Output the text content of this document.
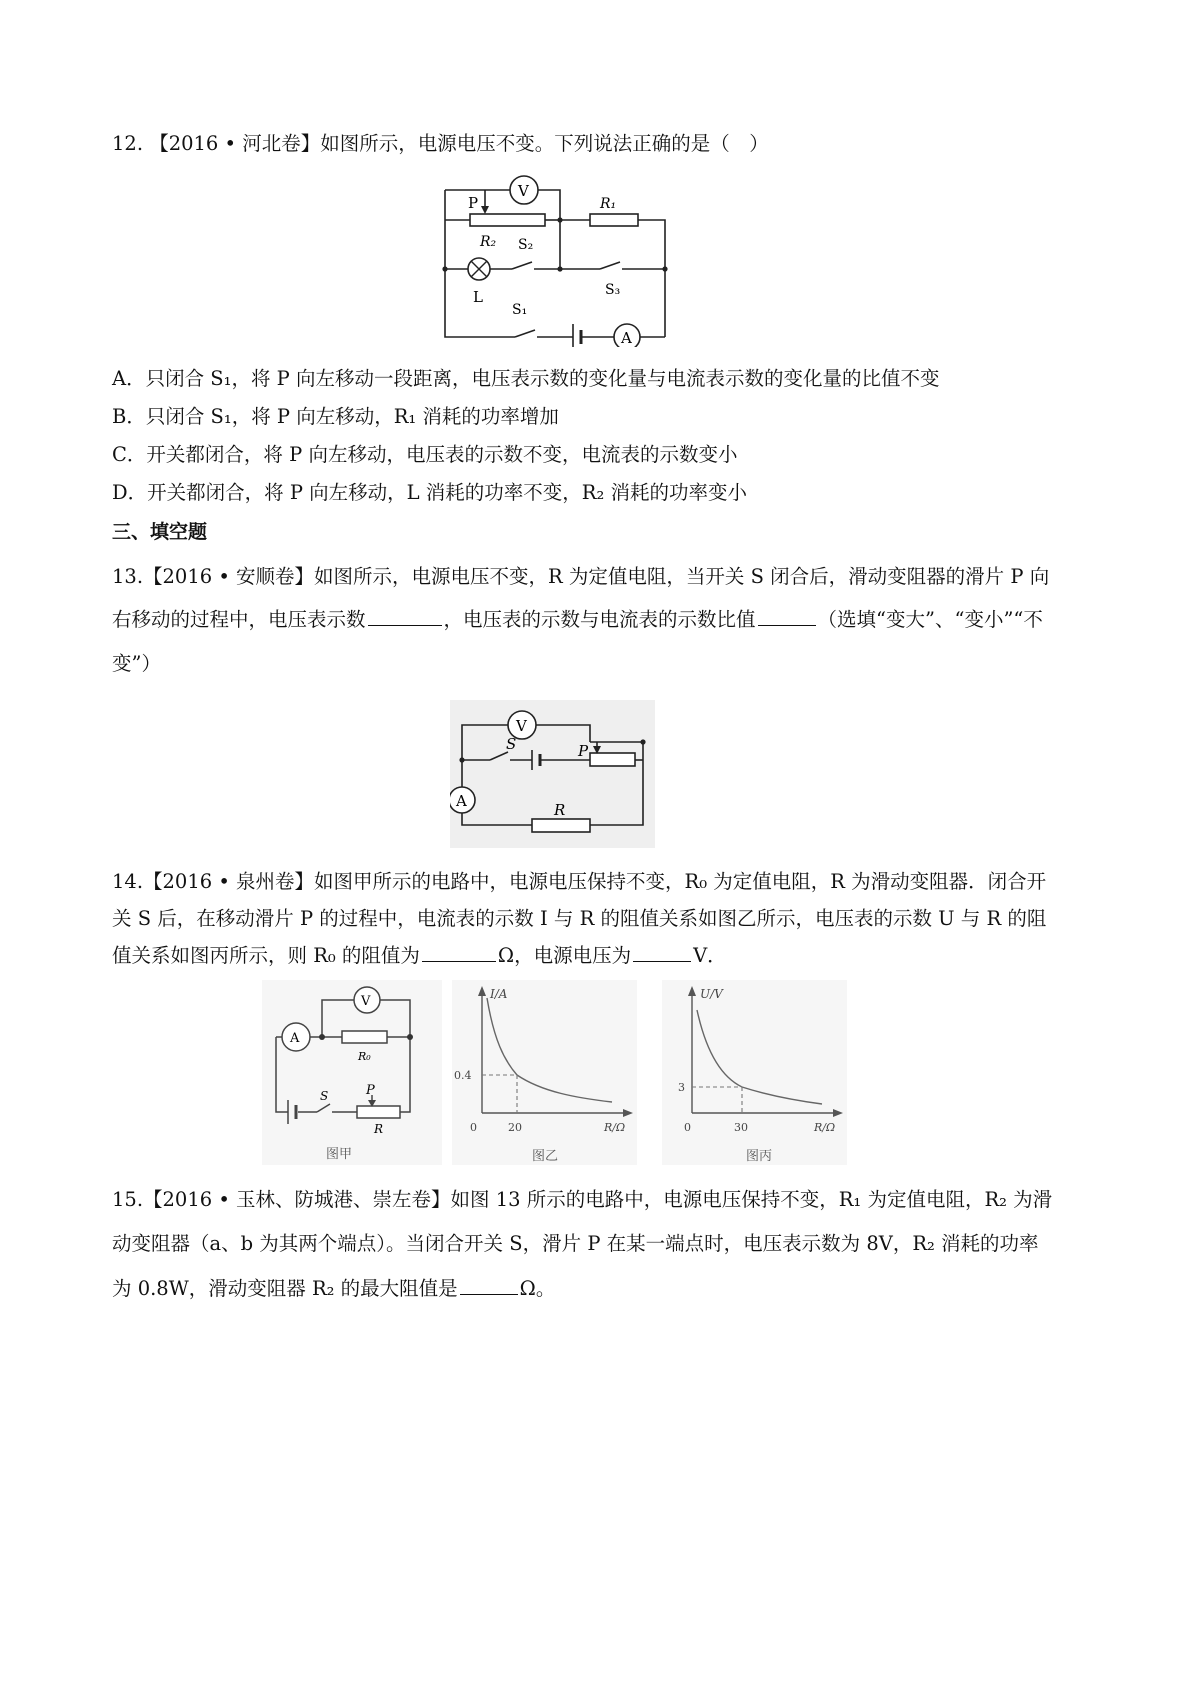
12. 【2016 • 河北卷】如图所示，电源电压不变。下列说法正确的是（　）
V
P	R₁
R₂ S₂
S₃
L
S₁
A
A．只闭合 S₁，将 P 向左移动一段距离，电压表示数的变化量与电流表示数的变化量的比值不变
B．只闭合 S₁，将 P 向左移动，R₁ 消耗的功率增加
C．开关都闭合，将 P 向左移动，电压表的示数不变，电流表的示数变小
D．开关都闭合，将 P 向左移动，L 消耗的功率不变，R₂ 消耗的功率变小
三、填空题
13.【2016 • 安顺卷】如图所示，电源电压不变，R 为定值电阻，当开关 S 闭合后，滑动变阻器的滑片 P 向
右移动的过程中，电压表示数	，电压表的示数与电流表的示数比值	（选填“变大”、“变小”“不
变”）
V
S	P
A	R
14.【2016 • 泉州卷】如图甲所示的电路中，电源电压保持不变，R₀ 为定值电阻，R 为滑动变阻器．闭合开
关 S 后，在移动滑片 P 的过程中，电流表的示数 I 与 R 的阻值关系如图乙所示，电压表的示数 U 与 R 的阻
值关系如图丙所示，则 R₀ 的阻值为	Ω，电源电压为	V．
V
A
R₀
P
S
R
图甲
I/A
0.4
0	20	R/Ω
图乙
U/V
3
0	30	R/Ω
图丙
15.【2016 • 玉林、防城港、崇左卷】如图 13 所示的电路中，电源电压保持不变，R₁ 为定值电阻，R₂ 为滑
动变阻器（a、b 为其两个端点）。当闭合开关 S，滑片 P 在某一端点时，电压表示数为 8V，R₂ 消耗的功率
为 0.8W，滑动变阻器 R₂ 的最大阻值是	Ω。
